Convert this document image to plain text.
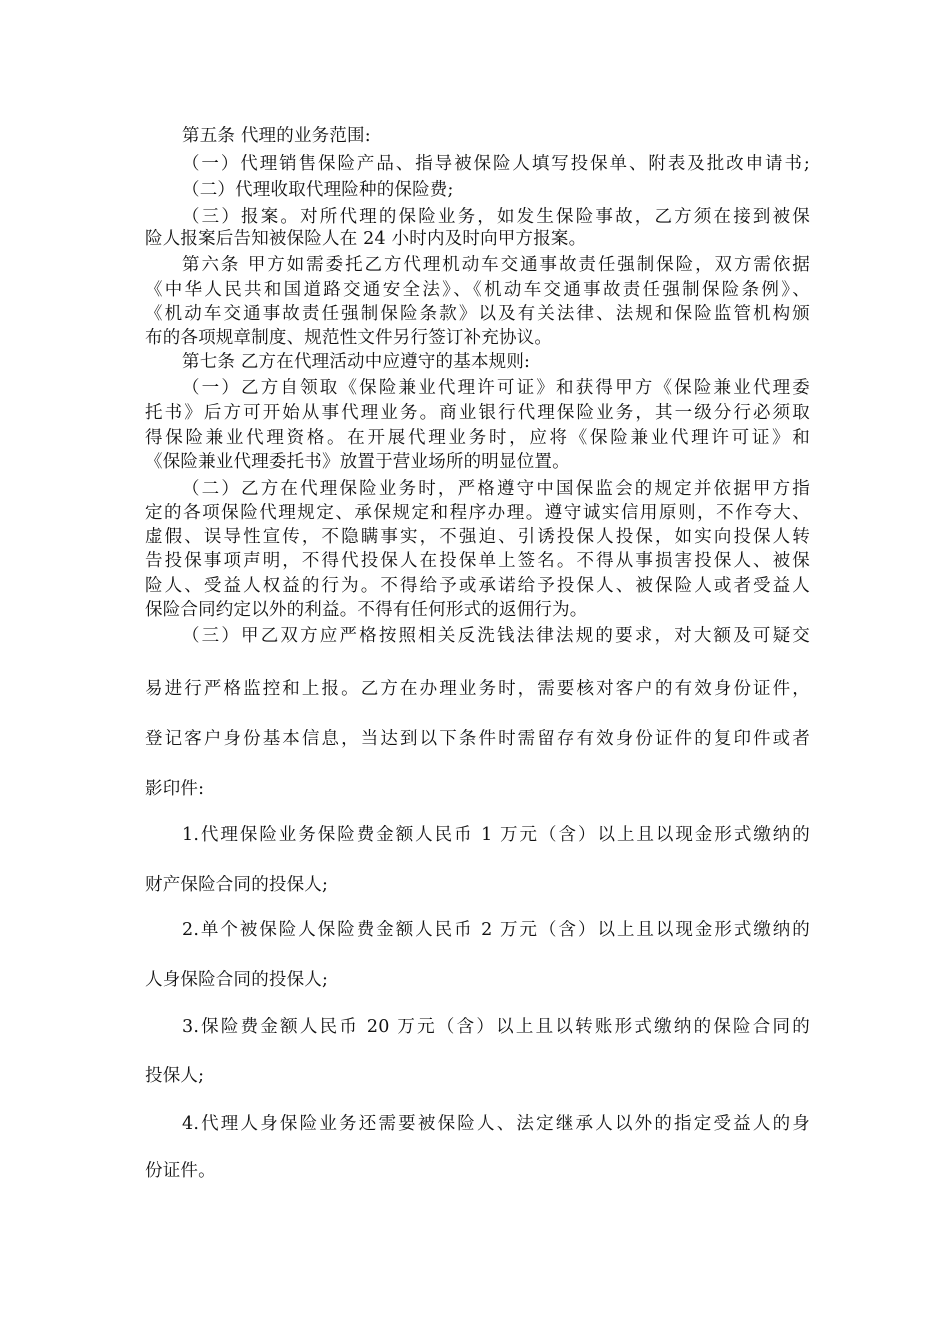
第五条 代理的业务范围:
（一）代理销售保险产品、指导被保险人填写投保单、附表及批改申请书;
（二）代理收取代理险种的保险费;
（三）报案。对所代理的保险业务，如发生保险事故，乙方须在接到被保
险人报案后告知被保险人在 24 小时内及时向甲方报案。
第六条 甲方如需委托乙方代理机动车交通事故责任强制保险，双方需依据
《中华人民共和国道路交通安全法》、《机动车交通事故责任强制保险条例》、
《机动车交通事故责任强制保险条款》以及有关法律、法规和保险监管机构颁
布的各项规章制度、规范性文件另行签订补充协议。
第七条 乙方在代理活动中应遵守的基本规则:
（一）乙方自领取《保险兼业代理许可证》和获得甲方《保险兼业代理委
托书》后方可开始从事代理业务。商业银行代理保险业务，其一级分行必须取
得保险兼业代理资格。在开展代理业务时，应将《保险兼业代理许可证》和
《保险兼业代理委托书》放置于营业场所的明显位置。
（二）乙方在代理保险业务时，严格遵守中国保监会的规定并依据甲方指
定的各项保险代理规定、承保规定和程序办理。遵守诚实信用原则，不作夸大、
虚假、误导性宣传，不隐瞒事实，不强迫、引诱投保人投保，如实向投保人转
告投保事项声明，不得代投保人在投保单上签名。不得从事损害投保人、被保
险人、受益人权益的行为。不得给予或承诺给予投保人、被保险人或者受益人
保险合同约定以外的利益。不得有任何形式的返佣行为。
（三）甲乙双方应严格按照相关反洗钱法律法规的要求，对大额及可疑交
易进行严格监控和上报。乙方在办理业务时，需要核对客户的有效身份证件，
登记客户身份基本信息，当达到以下条件时需留存有效身份证件的复印件或者
影印件:
1.代理保险业务保险费金额人民币 1 万元（含）以上且以现金形式缴纳的
财产保险合同的投保人;
2.单个被保险人保险费金额人民币 2 万元（含）以上且以现金形式缴纳的
人身保险合同的投保人;
3.保险费金额人民币 20 万元（含）以上且以转账形式缴纳的保险合同的
投保人;
4.代理人身保险业务还需要被保险人、法定继承人以外的指定受益人的身
份证件。
